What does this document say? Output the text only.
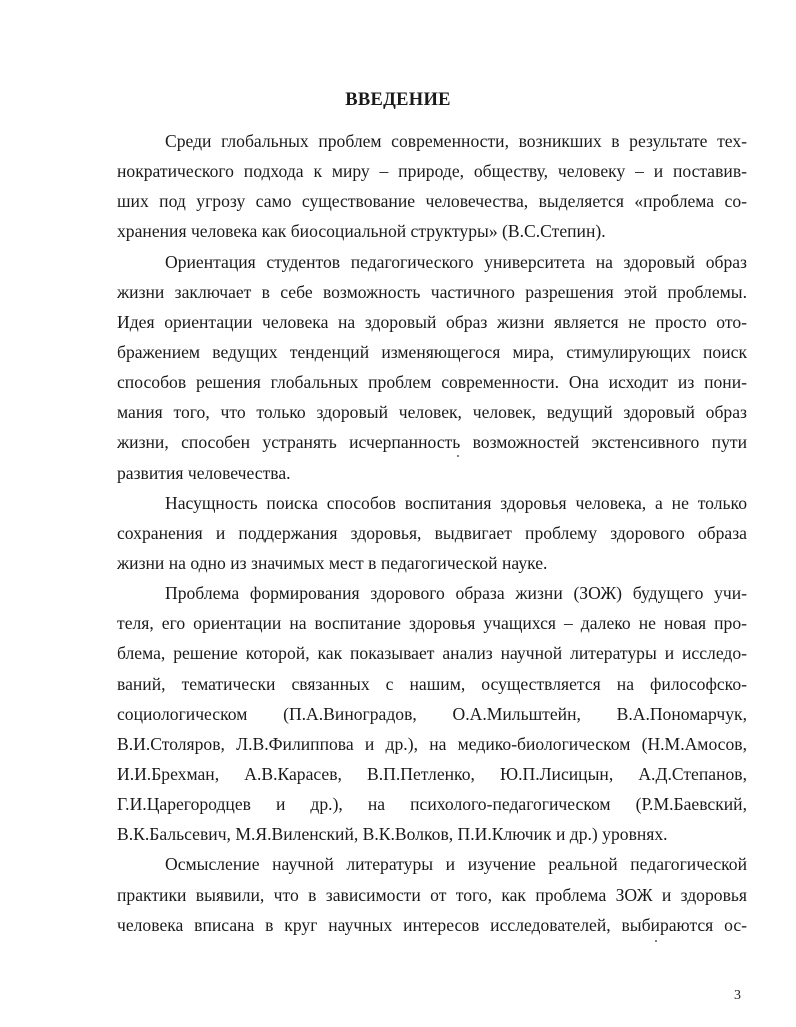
ВВЕДЕНИЕ
Среди глобальных проблем современности, возникших в результате тех-
нократического подхода к миру – природе, обществу, человеку – и поставив-
ших под угрозу само существование человечества, выделяется «проблема со-
хранения человека как биосоциальной структуры» (В.С.Степин).
Ориентация студентов педагогического университета на здоровый образ
жизни заключает в себе возможность частичного разрешения этой проблемы.
Идея ориентации человека на здоровый образ жизни является не просто ото-
бражением ведущих тенденций изменяющегося мира, стимулирующих поиск
способов решения глобальных проблем современности. Она исходит из пони-
мания того, что только здоровый человек, человек, ведущий здоровый образ
жизни, способен устранять исчерпанность возможностей экстенсивного пути
развития человечества.
Насущность поиска способов воспитания здоровья человека, а не только
сохранения и поддержания здоровья, выдвигает проблему здорового образа
жизни на одно из значимых мест в педагогической науке.
Проблема формирования здорового образа жизни (ЗОЖ) будущего учи-
теля, его ориентации на воспитание здоровья учащихся – далеко не новая про-
блема, решение которой, как показывает анализ научной литературы и исследо-
ваний, тематически связанных с нашим, осуществляется на философско-
социологическом (П.А.Виноградов, О.А.Мильштейн, В.А.Пономарчук,
В.И.Столяров, Л.В.Филиппова и др.), на медико-биологическом (Н.М.Амосов,
И.И.Брехман, А.В.Карасев, В.П.Петленко, Ю.П.Лисицын, А.Д.Степанов,
Г.И.Царегородцев и др.), на психолого-педагогическом (Р.М.Баевский,
В.К.Бальсевич, М.Я.Виленский, В.К.Волков, П.И.Ключик и др.) уровнях.
Осмысление научной литературы и изучение реальной педагогической
практики выявили, что в зависимости от того, как проблема ЗОЖ и здоровья
человека вписана в круг научных интересов исследователей, выбираются ос-

3
